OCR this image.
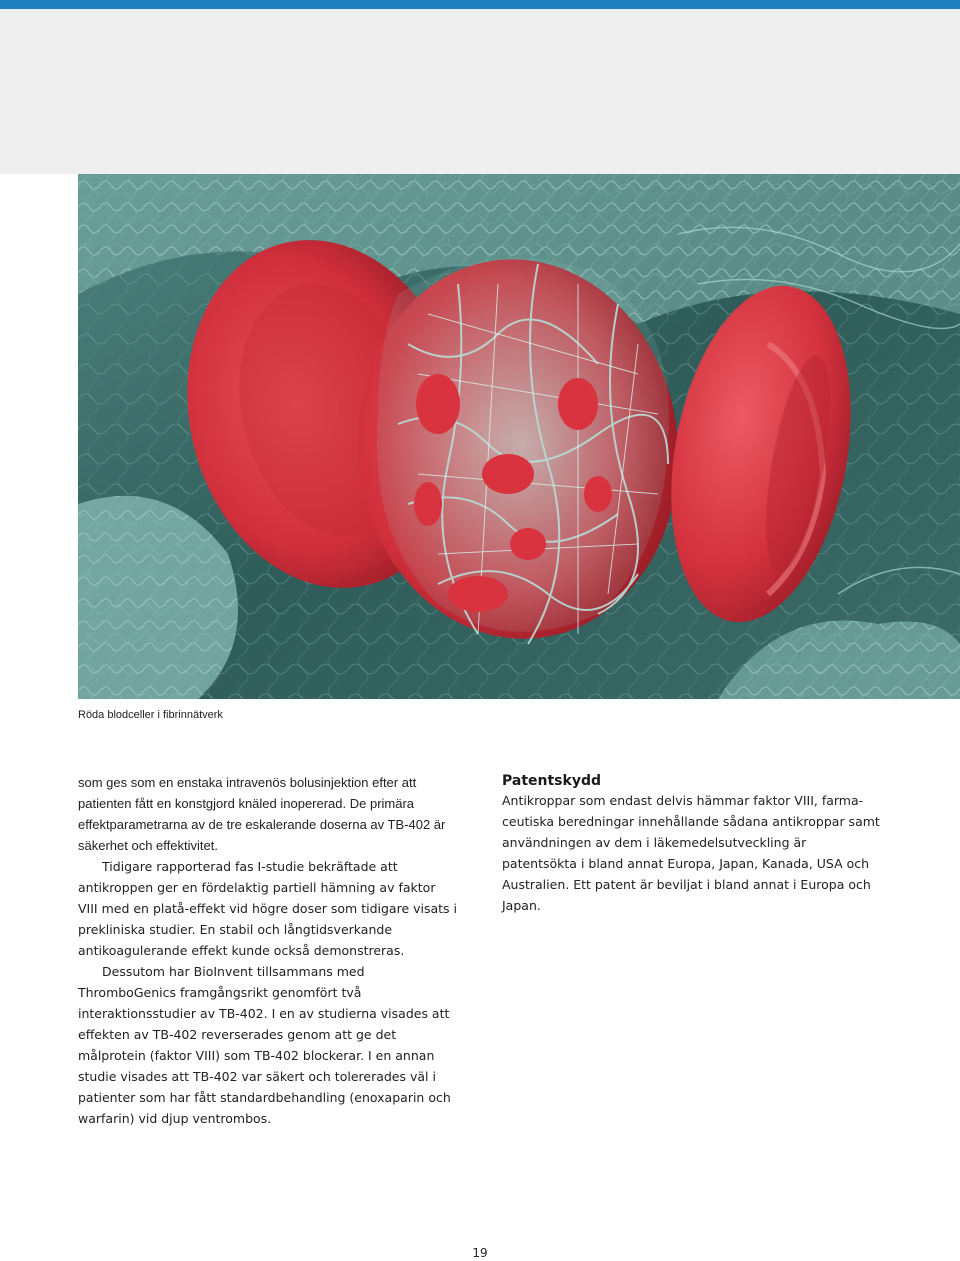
Röda blodceller i fibrinnätverk

som ges som en enstaka intravenös bolusinjektion efter att patienten fått en konstgjord knäled inopererad. De primära effektparametrarna av de tre eskalerande doserna av TB-402 är säkerhet och effektivitet.

Tidigare rapporterad fas I-studie bekräftade att antikroppen ger en fördelaktig partiell hämning av faktor VIII med en platå-effekt vid högre doser som tidigare visats i prekliniska studier. En stabil och långtidsverkande antikoagulerande effekt kunde också demonstreras.

Dessutom har BioInvent tillsammans med ThromboGenics framgångsrikt genomfört två interaktionsstudier av TB-402. I en av studierna visades att effekten av TB-402 reverserades genom att ge det målprotein (faktor VIII) som TB-402 blockerar. I en annan studie visades att TB-402 var säkert och tolererades väl i patienter som har fått standardbehandling (enoxaparin och warfarin) vid djup ventrombos.

Patentskydd

Antikroppar som endast delvis hämmar faktor VIII, farma-ceutiska beredningar innehållande sådana antikroppar samt användningen av dem i läkemedelsutveckling är patentsökta i bland annat Europa, Japan, Kanada, USA och Australien. Ett patent är beviljat i bland annat i Europa och Japan.

19
